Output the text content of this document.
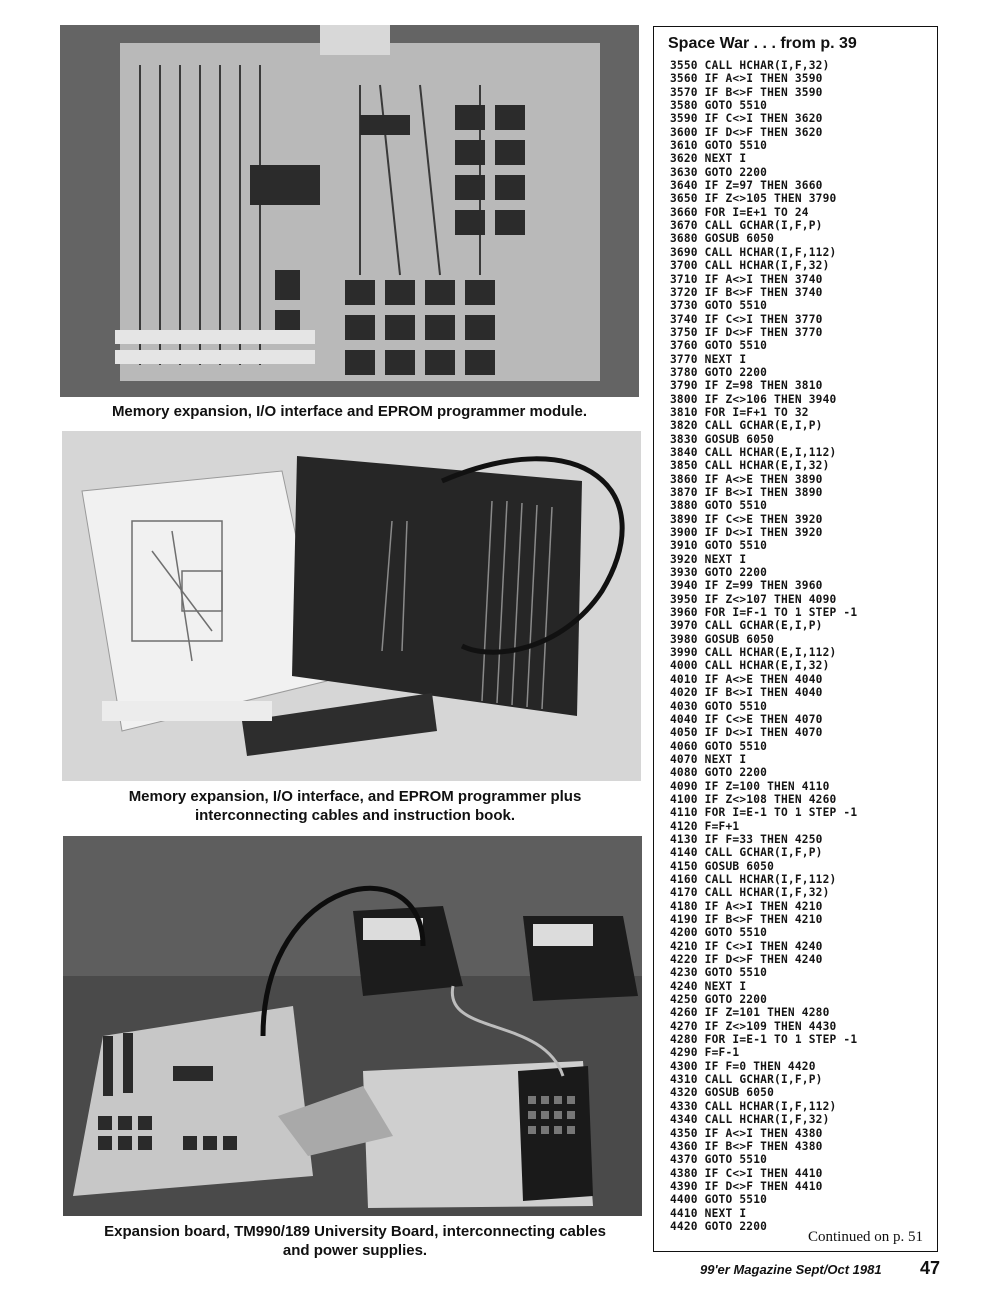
Memory expansion, I/O interface and EPROM programmer module.
Memory expansion, I/O interface, and EPROM programmer plus interconnecting cables and instruction book.
Expansion board, TM990/189 University Board, interconnecting cables and power supplies.
Space War . . . from p. 39
3550 CALL HCHAR(I,F,32)
3560 IF A<>I THEN 3590
3570 IF B<>F THEN 3590
3580 GOTO 5510
3590 IF C<>I THEN 3620
3600 IF D<>F THEN 3620
3610 GOTO 5510
3620 NEXT I
3630 GOTO 2200
3640 IF Z=97 THEN 3660
3650 IF Z<>105 THEN 3790
3660 FOR I=E+1 TO 24
3670 CALL GCHAR(I,F,P)
3680 GOSUB 6050
3690 CALL HCHAR(I,F,112)
3700 CALL HCHAR(I,F,32)
3710 IF A<>I THEN 3740
3720 IF B<>F THEN 3740
3730 GOTO 5510
3740 IF C<>I THEN 3770
3750 IF D<>F THEN 3770
3760 GOTO 5510
3770 NEXT I
3780 GOTO 2200
3790 IF Z=98 THEN 3810
3800 IF Z<>106 THEN 3940
3810 FOR I=F+1 TO 32
3820 CALL GCHAR(E,I,P)
3830 GOSUB 6050
3840 CALL HCHAR(E,I,112)
3850 CALL HCHAR(E,I,32)
3860 IF A<>E THEN 3890
3870 IF B<>I THEN 3890
3880 GOTO 5510
3890 IF C<>E THEN 3920
3900 IF D<>I THEN 3920
3910 GOTO 5510
3920 NEXT I
3930 GOTO 2200
3940 IF Z=99 THEN 3960
3950 IF Z<>107 THEN 4090
3960 FOR I=F-1 TO 1 STEP -1
3970 CALL GCHAR(E,I,P)
3980 GOSUB 6050
3990 CALL HCHAR(E,I,112)
4000 CALL HCHAR(E,I,32)
4010 IF A<>E THEN 4040
4020 IF B<>I THEN 4040
4030 GOTO 5510
4040 IF C<>E THEN 4070
4050 IF D<>I THEN 4070
4060 GOTO 5510
4070 NEXT I
4080 GOTO 2200
4090 IF Z=100 THEN 4110
4100 IF Z<>108 THEN 4260
4110 FOR I=E-1 TO 1 STEP -1
4120 F=F+1
4130 IF F=33 THEN 4250
4140 CALL GCHAR(I,F,P)
4150 GOSUB 6050
4160 CALL HCHAR(I,F,112)
4170 CALL HCHAR(I,F,32)
4180 IF A<>I THEN 4210
4190 IF B<>F THEN 4210
4200 GOTO 5510
4210 IF C<>I THEN 4240
4220 IF D<>F THEN 4240
4230 GOTO 5510
4240 NEXT I
4250 GOTO 2200
4260 IF Z=101 THEN 4280
4270 IF Z<>109 THEN 4430
4280 FOR I=E-1 TO 1 STEP -1
4290 F=F-1
4300 IF F=0 THEN 4420
4310 CALL GCHAR(I,F,P)
4320 GOSUB 6050
4330 CALL HCHAR(I,F,112)
4340 CALL HCHAR(I,F,32)
4350 IF A<>I THEN 4380
4360 IF B<>F THEN 4380
4370 GOTO 5510
4380 IF C<>I THEN 4410
4390 IF D<>F THEN 4410
4400 GOTO 5510
4410 NEXT I
4420 GOTO 2200
Continued on p. 51
99'er Magazine Sept/Oct 1981 47
